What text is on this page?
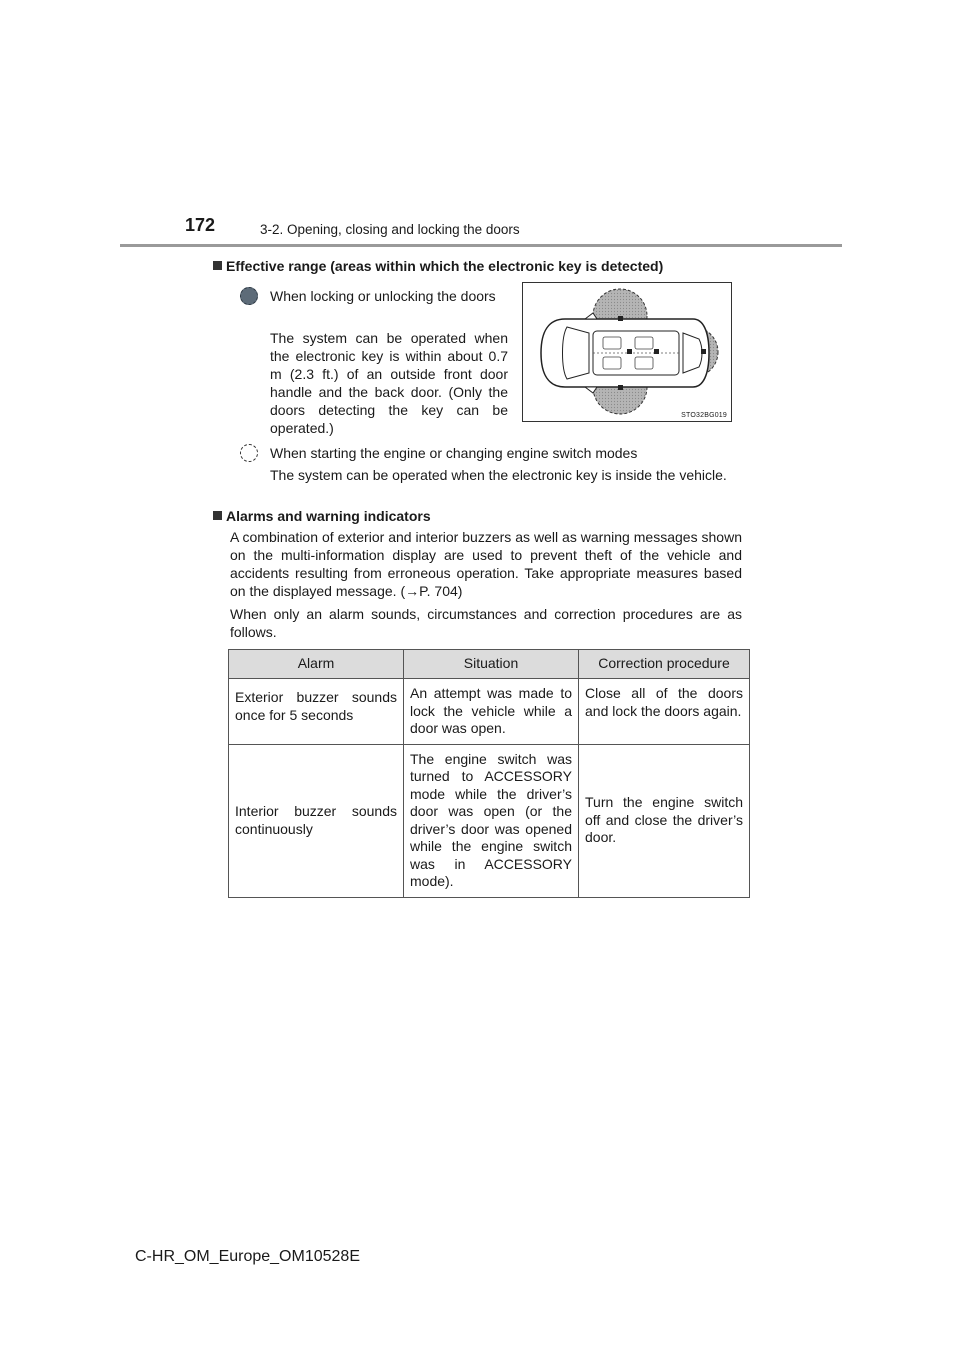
172	3-2. Opening, closing and locking the doors
Effective range (areas within which the electronic key is detected)
When locking or unlocking the doors
The system can be operated when the electronic key is within about 0.7 m (2.3 ft.) of an outside front door handle and the back door. (Only the doors detecting the key can be operated.)
STO32BG019
When starting the engine or changing engine switch modes
The system can be operated when the electronic key is inside the vehicle.
Alarms and warning indicators
A combination of exterior and interior buzzers as well as warning messages shown on the multi-information display are used to prevent theft of the vehicle and accidents resulting from erroneous operation. Take appropriate measures based on the displayed message. (→P. 704)
When only an alarm sounds, circumstances and correction procedures are as follows.
Alarm	Situation	Correction procedure
Exterior buzzer sounds once for 5 seconds	An attempt was made to lock the vehicle while a door was open.	Close all of the doors and lock the doors again.
Interior buzzer sounds continuously	The engine switch was turned to ACCESSORY mode while the driver’s door was open (or the driver’s door was opened while the engine switch was in ACCESSORY mode).	Turn the engine switch off and close the driver’s door.
C-HR_OM_Europe_OM10528E
